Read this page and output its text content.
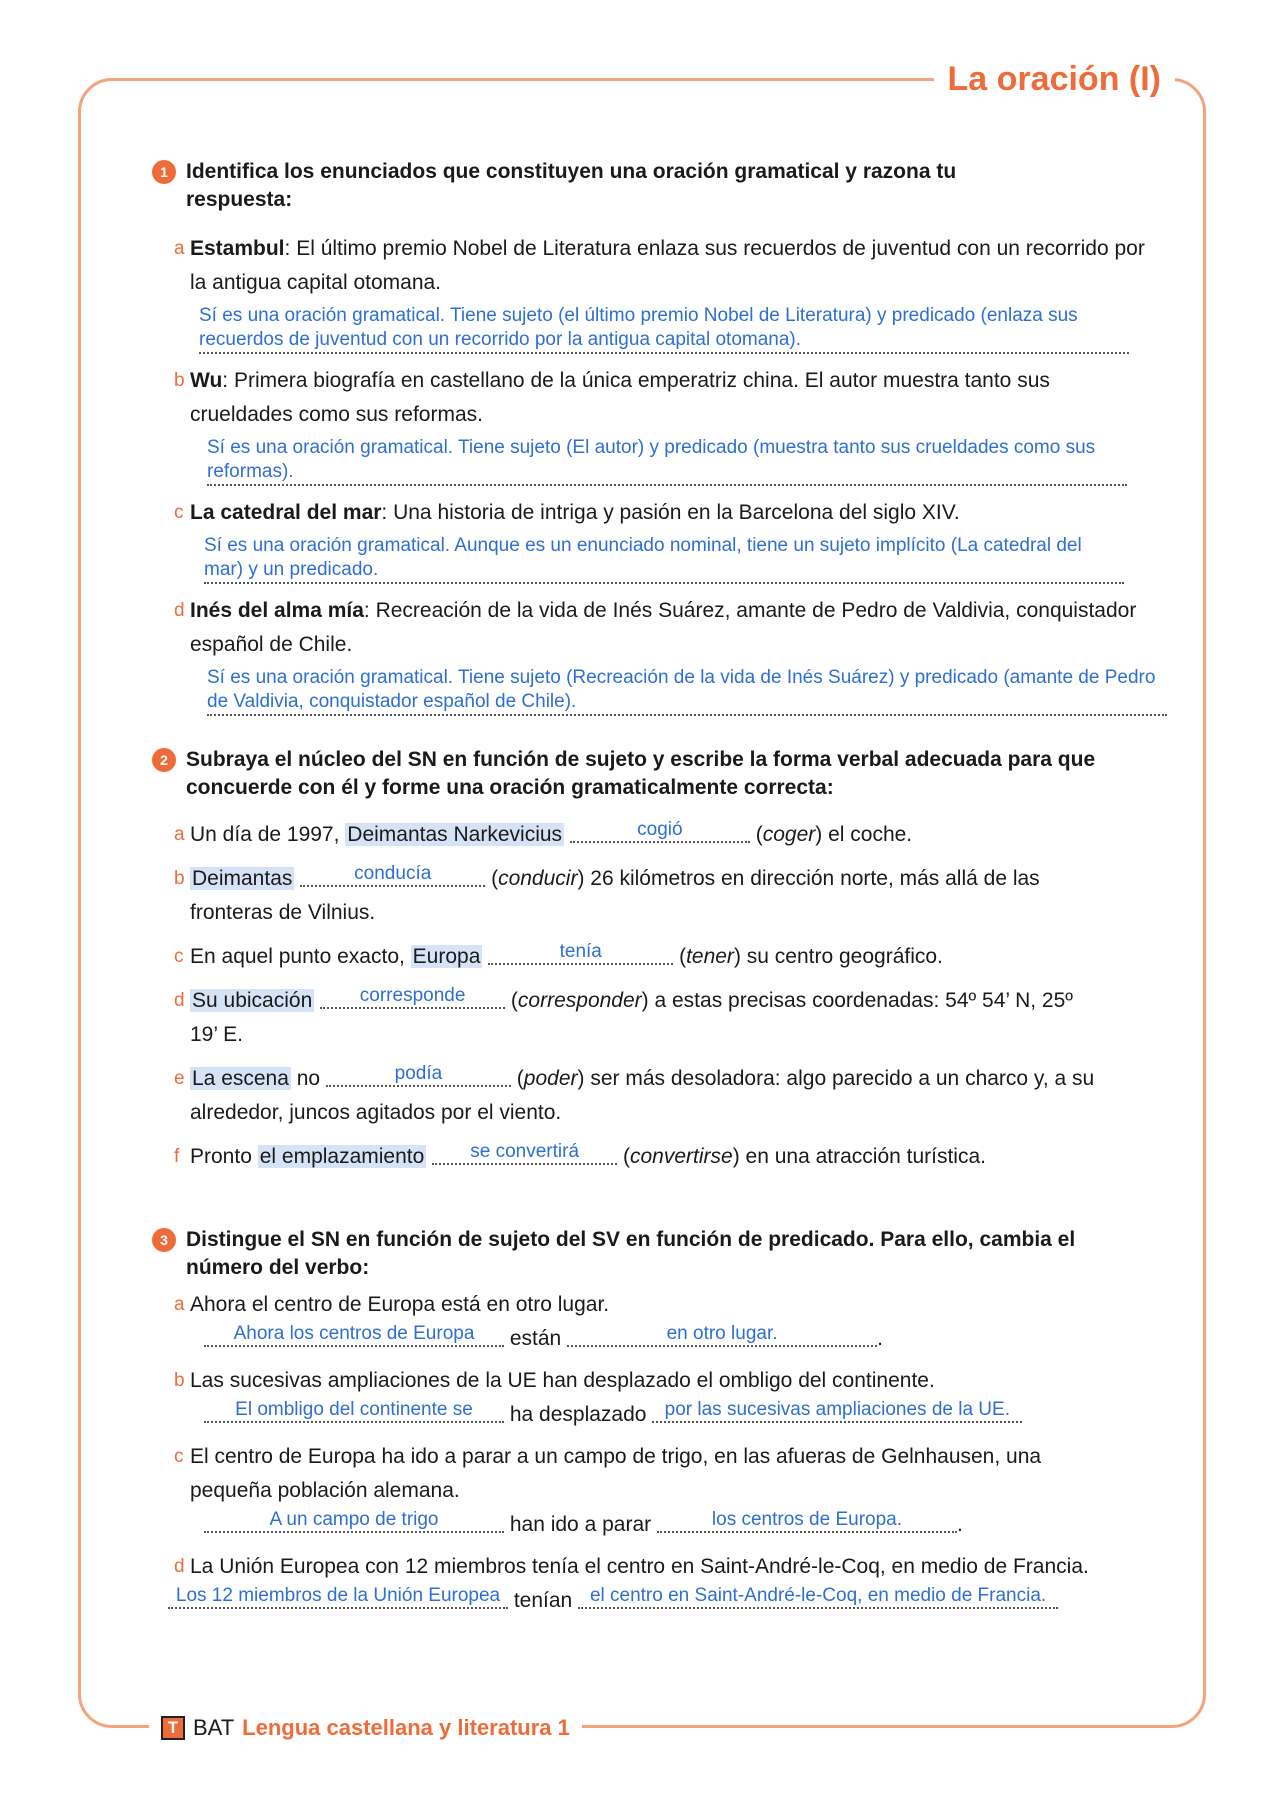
La oración (I)
T BAT Lengua castellana y literatura 1
1 Identifica los enunciados que constituyen una oración gramatical y razona tu respuesta:
a Estambul: El último premio Nobel de Literatura enlaza sus recuerdos de juventud con un recorrido por la antigua capital otomana.
Sí es una oración gramatical. Tiene sujeto (el último premio Nobel de Literatura) y predicado (enlaza sus recuerdos de juventud con un recorrido por la antigua capital otomana).
b Wu: Primera biografía en castellano de la única emperatriz china. El autor muestra tanto sus crueldades como sus reformas.
Sí es una oración gramatical. Tiene sujeto (El autor) y predicado (muestra tanto sus crueldades como sus reformas).
c La catedral del mar: Una historia de intriga y pasión en la Barcelona del siglo XIV.
Sí es una oración gramatical. Aunque es un enunciado nominal, tiene un sujeto implícito (La catedral del mar) y un predicado.
d Inés del alma mía: Recreación de la vida de Inés Suárez, amante de Pedro de Valdivia, conquistador español de Chile.
Sí es una oración gramatical. Tiene sujeto (Recreación de la vida de Inés Suárez) y predicado (amante de Pedro de Valdivia, conquistador español de Chile).
2 Subraya el núcleo del SN en función de sujeto y escribe la forma verbal adecuada para que concuerde con él y forme una oración gramaticalmente correcta:
a Un día de 1997, Deimantas Narkevicius	cogió	(coger) el coche.
b Deimantas	conducía	(conducir) 26 kilómetros en dirección norte, más allá de las fronteras de Vilnius.
c En aquel punto exacto, Europa	tenía	(tener) su centro geográfico.
d Su ubicación	corresponde (corresponder) a estas precisas coordenadas: 54º 54’ N, 25º 19’ E.
e La escena no	podía	(poder) ser más desoladora: algo parecido a un charco y, a su alrededor, juncos agitados por el viento.
f Pronto el emplazamiento se convertirá (convertirse) en una atracción turística.
3 Distingue el SN en función de sujeto del SV en función de predicado. Para ello, cambia el número del verbo:
a Ahora el centro de Europa está en otro lugar.
Ahora los centros de Europa están	en otro lugar.	.
b Las sucesivas ampliaciones de la UE han desplazado el ombligo del continente.
El ombligo del continente se ha desplazado por las sucesivas ampliaciones de la UE.
c El centro de Europa ha ido a parar a un campo de trigo, en las afueras de Gelnhausen, una pequeña población alemana.
A un campo de trigo	han ido a parar	los centros de Europa.	.
d La Unión Europea con 12 miembros tenía el centro en Saint-André-le-Coq, en medio de Francia.
Los 12 miembros de la Unión Europea tenían el centro en Saint-André-le-Coq, en medio de Francia.
